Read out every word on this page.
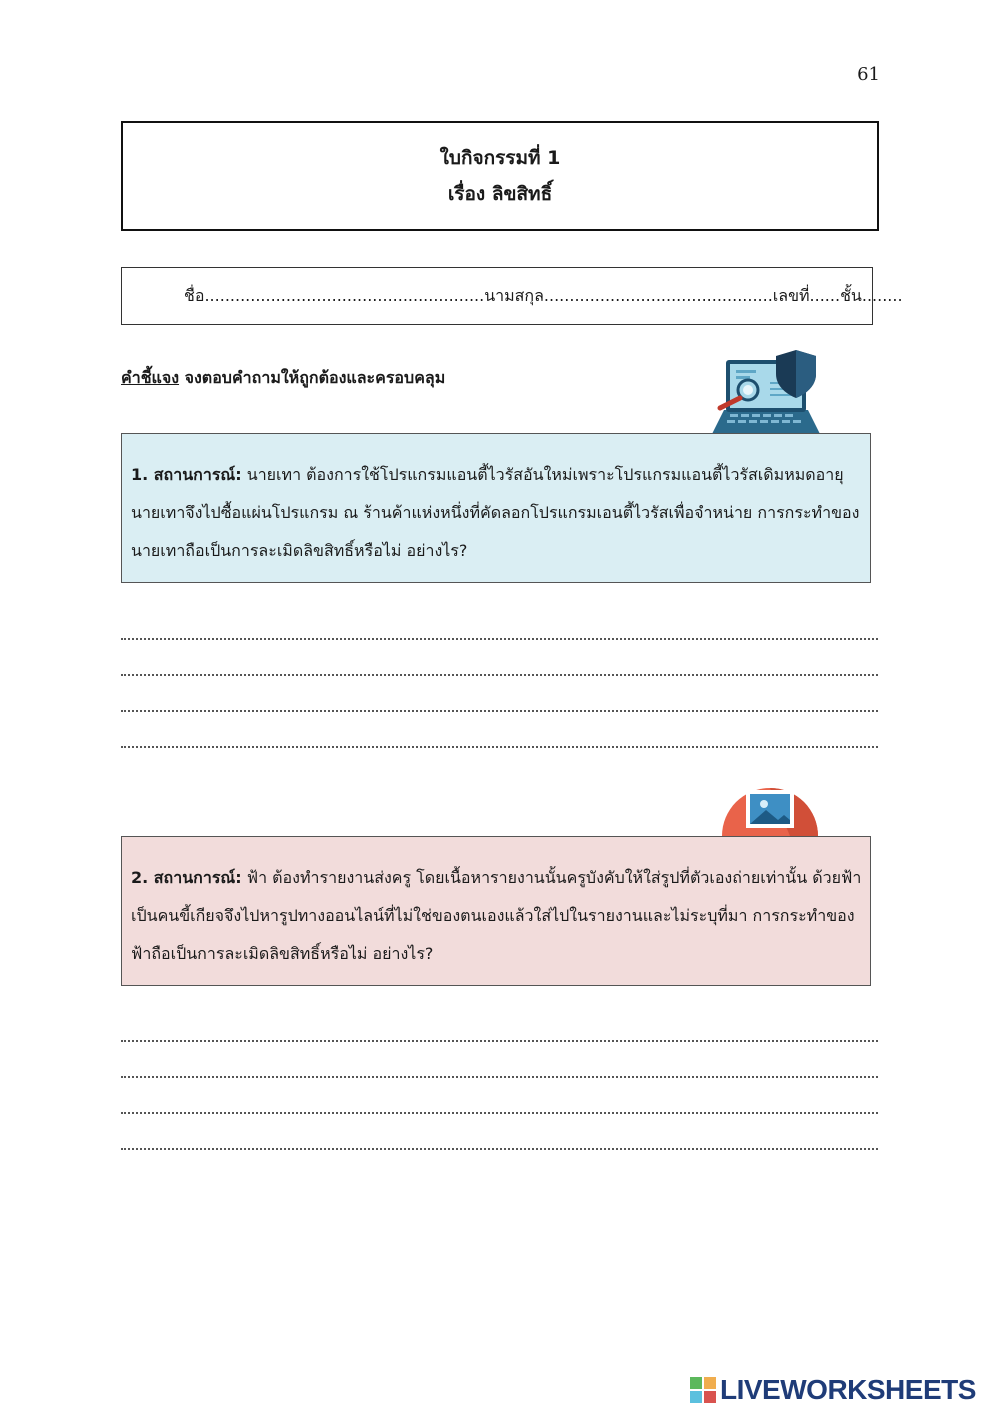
61
ใบกิจกรรมที่ 1
เรื่อง ลิขสิทธิ์
ชื่อ.......................................................นามสกุล.............................................เลขที่......ชั้น........
คำชี้แจง จงตอบคำถามให้ถูกต้องและครอบคลุม
1. สถานการณ์: นายเทา ต้องการใช้โปรแกรมแอนตี้ไวรัสอันใหม่เพราะโปรแกรมแอนตี้ไวรัสเดิมหมดอายุ นายเทาจึงไปซื้อแผ่นโปรแกรม ณ ร้านค้าแห่งหนึ่งที่คัดลอกโปรแกรมเอนตี้ไวรัสเพื่อจำหน่าย การกระทำของนายเทาถือเป็นการละเมิดลิขสิทธิ์หรือไม่ อย่างไร?
2. สถานการณ์: ฟ้า ต้องทำรายงานส่งครู โดยเนื้อหารายงานนั้นครูบังคับให้ใส่รูปที่ตัวเองถ่ายเท่านั้น ด้วยฟ้าเป็นคนขี้เกียจจึงไปหารูปทางออนไลน์ที่ไม่ใช่ของตนเองแล้วใส่ไปในรายงานและไม่ระบุที่มา การกระทำของฟ้าถือเป็นการละเมิดลิขสิทธิ์หรือไม่ อย่างไร?
LIVEWORKSHEETS
